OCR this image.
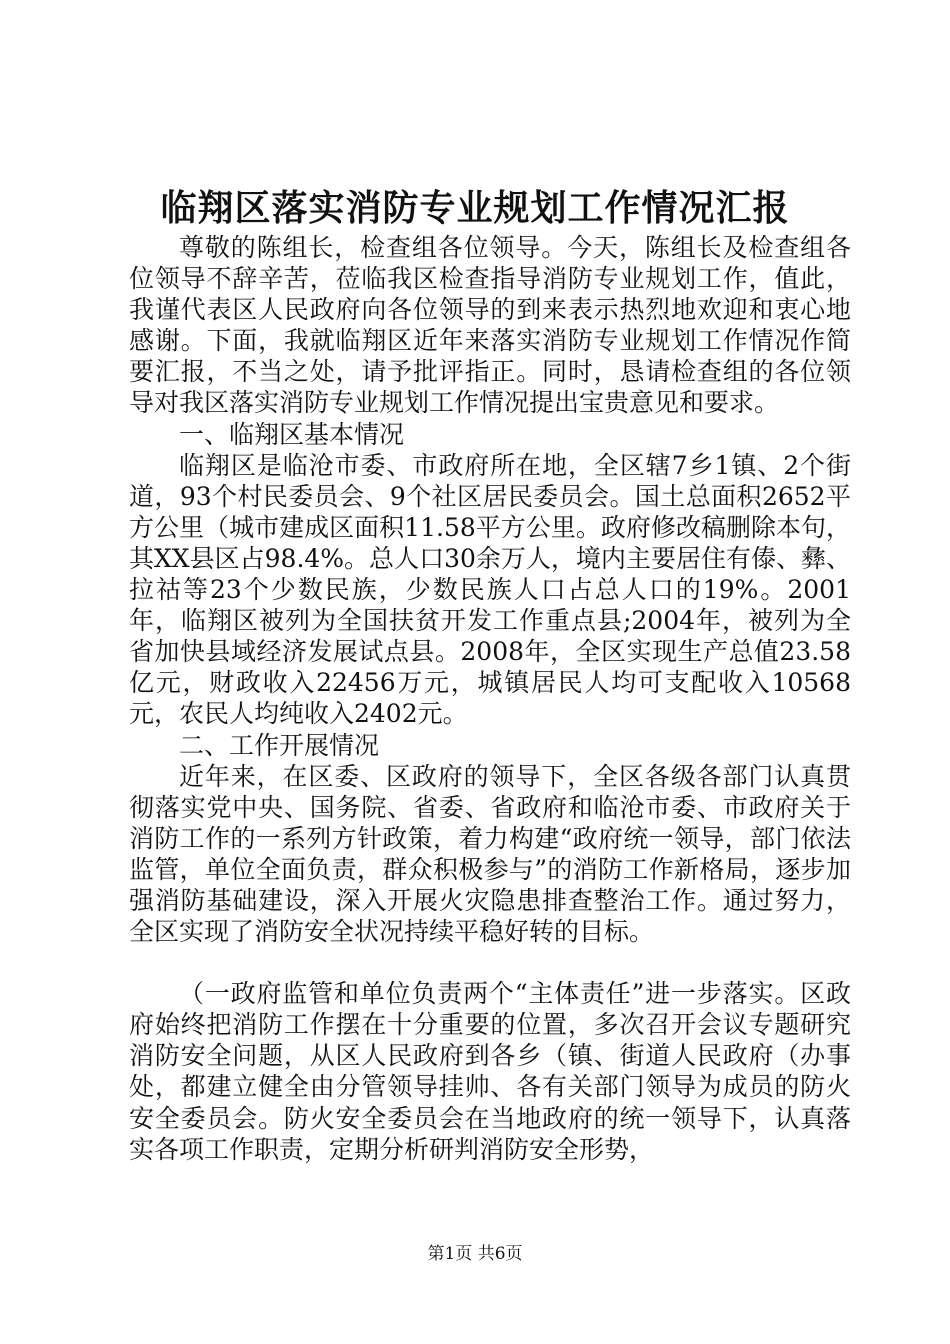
临翔区落实消防专业规划工作情况汇报

尊敬的陈组长，检查组各位领导。今天，陈组长及检查组各位领导不辞辛苦，莅临我区检查指导消防专业规划工作，值此，我谨代表区人民政府向各位领导的到来表示热烈地欢迎和衷心地感谢。下面，我就临翔区近年来落实消防专业规划工作情况作简要汇报，不当之处，请予批评指正。同时，恳请检查组的各位领导对我区落实消防专业规划工作情况提出宝贵意见和要求。

一、临翔区基本情况

临翔区是临沧市委、市政府所在地，全区辖7乡1镇、2个街道，93个村民委员会、9个社区居民委员会。国土总面积2652平方公里（城市建成区面积11.58平方公里。政府修改稿删除本句，其XX县区占98.4%。总人口30余万人，境内主要居住有傣、彝、拉祜等23个少数民族，少数民族人口占总人口的19%。2001年，临翔区被列为全国扶贫开发工作重点县;2004年，被列为全省加快县域经济发展试点县。2008年，全区实现生产总值23.58亿元，财政收入22456万元，城镇居民人均可支配收入10568元，农民人均纯收入2402元。

二、工作开展情况

近年来，在区委、区政府的领导下，全区各级各部门认真贯彻落实党中央、国务院、省委、省政府和临沧市委、市政府关于消防工作的一系列方针政策，着力构建“政府统一领导，部门依法监管，单位全面负责，群众积极参与”的消防工作新格局，逐步加强消防基础建设，深入开展火灾隐患排查整治工作。通过努力，全区实现了消防安全状况持续平稳好转的目标。

（一政府监管和单位负责两个“主体责任”进一步落实。区政府始终把消防工作摆在十分重要的位置，多次召开会议专题研究消防安全问题，从区人民政府到各乡（镇、街道人民政府（办事处，都建立健全由分管领导挂帅、各有关部门领导为成员的防火安全委员会。防火安全委员会在当地政府的统一领导下，认真落实各项工作职责，定期分析研判消防安全形势，

第1页 共6页
